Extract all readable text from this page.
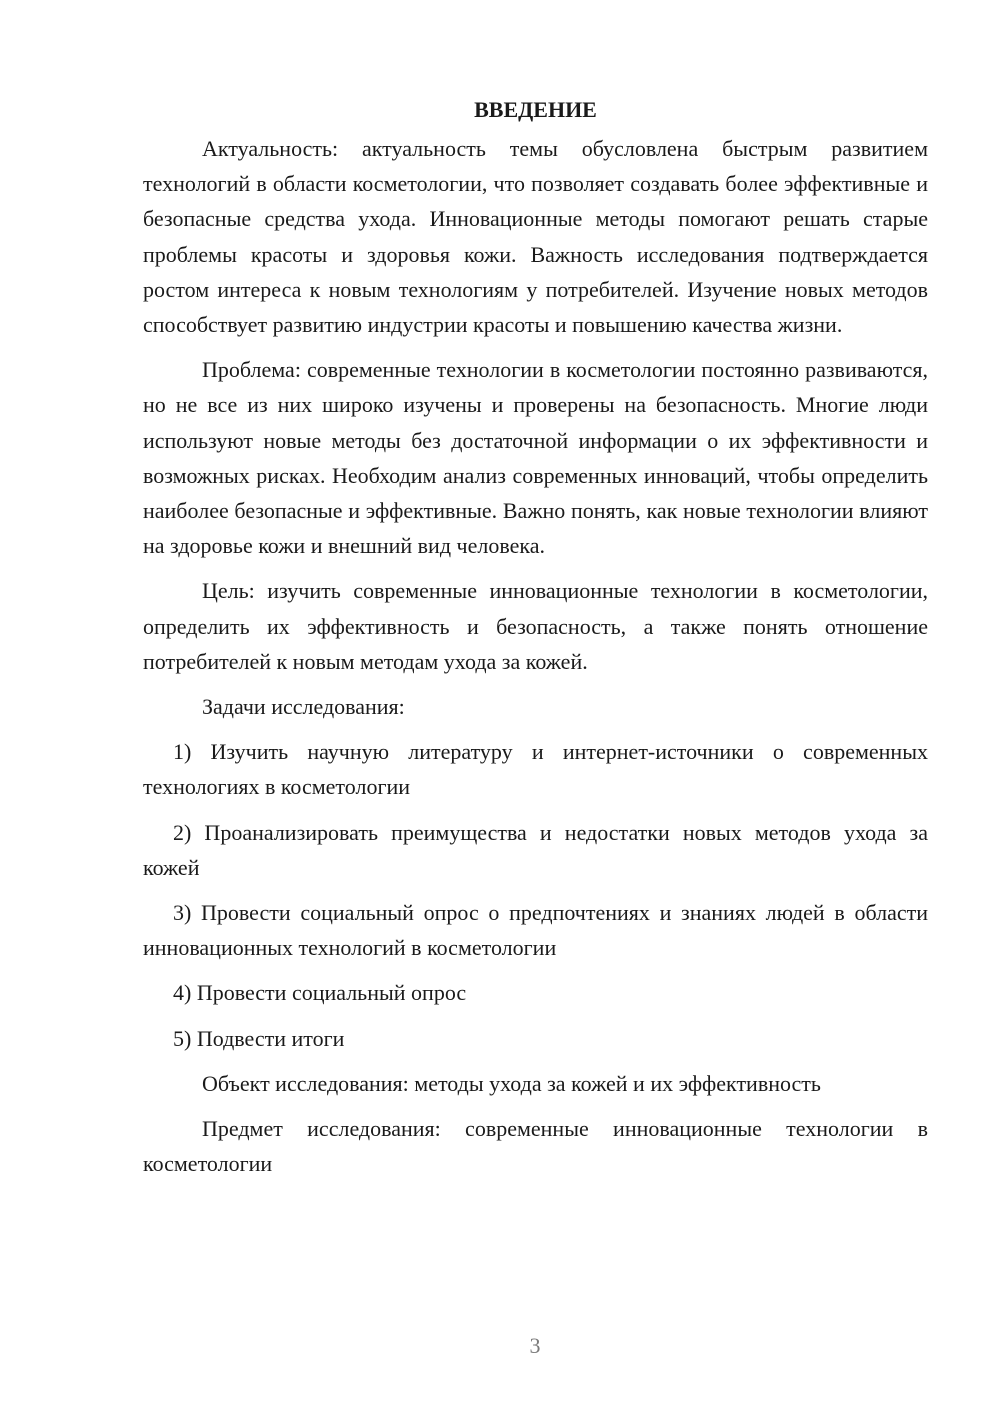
ВВЕДЕНИЕ

Актуальность: актуальность темы обусловлена быстрым развитием технологий в области косметологии, что позволяет создавать более эффективные и безопасные средства ухода. Инновационные методы помогают решать старые проблемы красоты и здоровья кожи. Важность исследования подтверждается ростом интереса к новым технологиям у потребителей. Изучение новых методов способствует развитию индустрии красоты и повышению качества жизни.

Проблема: современные технологии в косметологии постоянно развиваются, но не все из них широко изучены и проверены на безопасность. Многие люди используют новые методы без достаточной информации о их эффективности и возможных рисках. Необходим анализ современных инноваций, чтобы определить наиболее безопасные и эффективные. Важно понять, как новые технологии влияют на здоровье кожи и внешний вид человека.

Цель: изучить современные инновационные технологии в косметологии, определить их эффективность и безопасность, а также понять отношение потребителей к новым методам ухода за кожей.

Задачи исследования:

1) Изучить научную литературу и интернет-источники о современных технологиях в косметологии

2) Проанализировать преимущества и недостатки новых методов ухода за кожей

3) Провести социальный опрос о предпочтениях и знаниях людей в области инновационных технологий в косметологии

4) Провести социальный опрос

5) Подвести итоги

Объект исследования: методы ухода за кожей и их эффективность

Предмет исследования: современные инновационные технологии в косметологии

3
